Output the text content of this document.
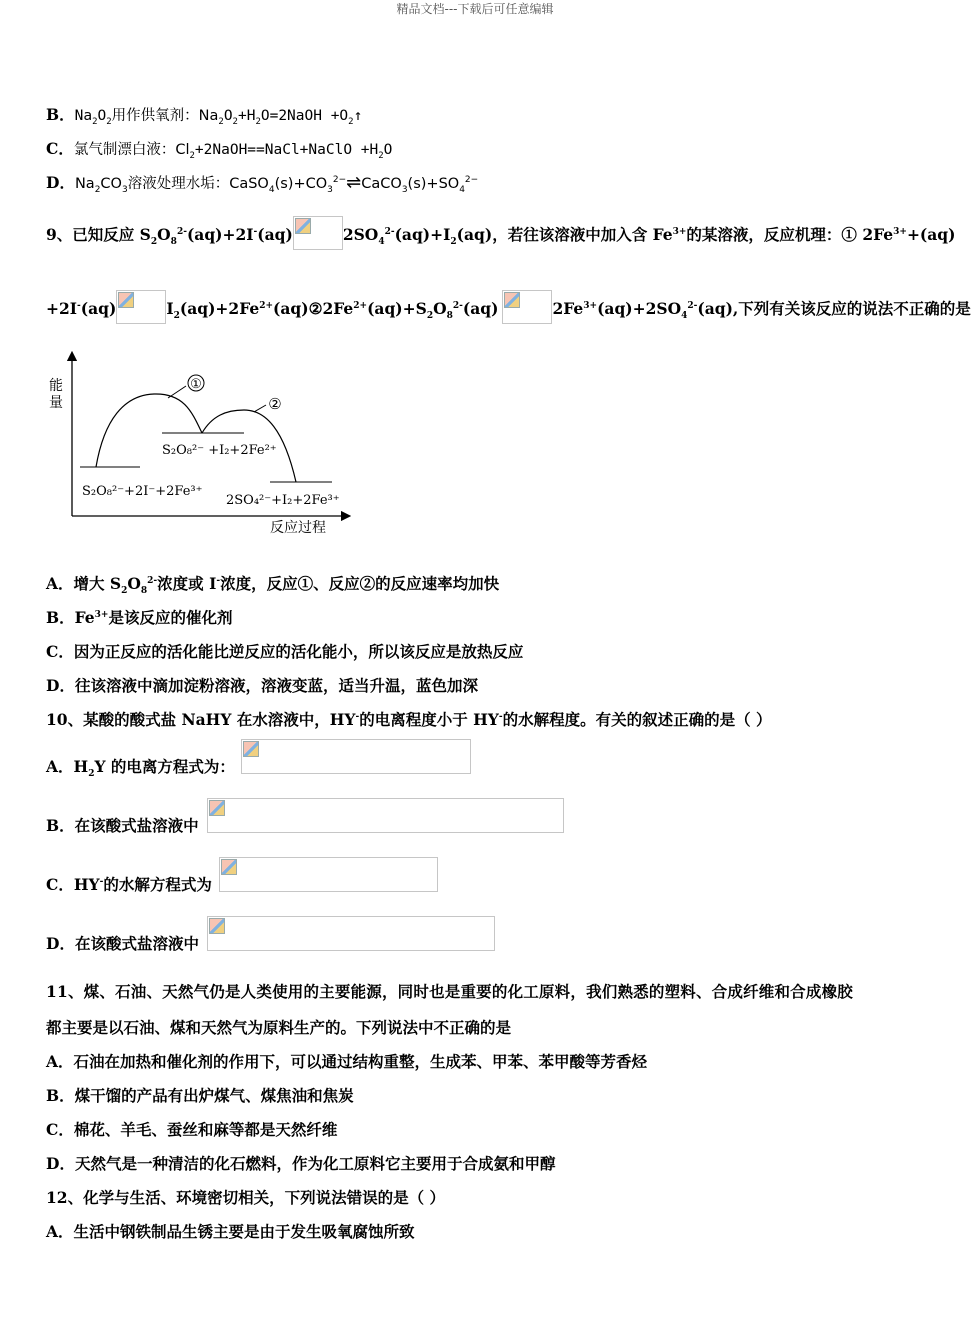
精品文档---下载后可任意编辑
B．$Na_2O_2$用作供氧剂：$Na_2O_2+H_2O=2NaOH$ $+O_2↑$
C．氯气制漂白液：$Cl_2+2NaOH==NaCl+NaClO +H_2O$
D．$Na_2CO_3$溶液处理水垢：$CaSO_4(s)+CO_3^{2-}\rightleftharpoons CaCO_3(s)+SO_4^{2-}$
9、已知反应 $S_2O_8^{2-}(aq)+2I^-(aq)$	$2SO_4^{2-}(aq)+I_2(aq)$，若往该溶液中加入含 $Fe^{3+}$的某溶液，反应机理：① $2Fe^{3+}+(aq)$
+2I-(aq)	$I_2(aq)+2Fe^{2+}(aq)②2Fe^{2+}(aq)+S_2O_8^{2-}(aq)$	$2Fe^{3+}(aq)+2SO_4^{2-}(aq)$,下列有关该反应的说法不正确的是
能
量
反应过程
①
②
S₂O₈²⁻ +I₂+2Fe²⁺
S₂O₈²⁻+2I⁻+2Fe³⁺
2SO₄²⁻+I₂+2Fe³⁺
A．增大 $S_2O_8^{2-}$浓度或 I-浓度，反应①、反应②的反应速率均加快
B．$Fe^{3+}$是该反应的催化剂
C．因为正反应的活化能比逆反应的活化能小，所以该反应是放热反应
D．往该溶液中滴加淀粉溶液，溶液变蓝，适当升温，蓝色加深
10、某酸的酸式盐 NaHY 在水溶液中，HY-的电离程度小于 HY-的水解程度。有关的叙述正确的是（ ）
A．$H_2Y$ 的电离方程式为：
B．在该酸式盐溶液中
C．HY-的水解方程式为
D．在该酸式盐溶液中
11、煤、石油、天然气仍是人类使用的主要能源，同时也是重要的化工原料，我们熟悉的塑料、合成纤维和合成橡胶
都主要是以石油、煤和天然气为原料生产的。下列说法中不正确的是
A．石油在加热和催化剂的作用下，可以通过结构重整，生成苯、甲苯、苯甲酸等芳香烃
B．煤干馏的产品有出炉煤气、煤焦油和焦炭
C．棉花、羊毛、蚕丝和麻等都是天然纤维
D．天然气是一种清洁的化石燃料，作为化工原料它主要用于合成氨和甲醇
12、化学与生活、环境密切相关，下列说法错误的是（ ）
A．生活中钢铁制品生锈主要是由于发生吸氧腐蚀所致
